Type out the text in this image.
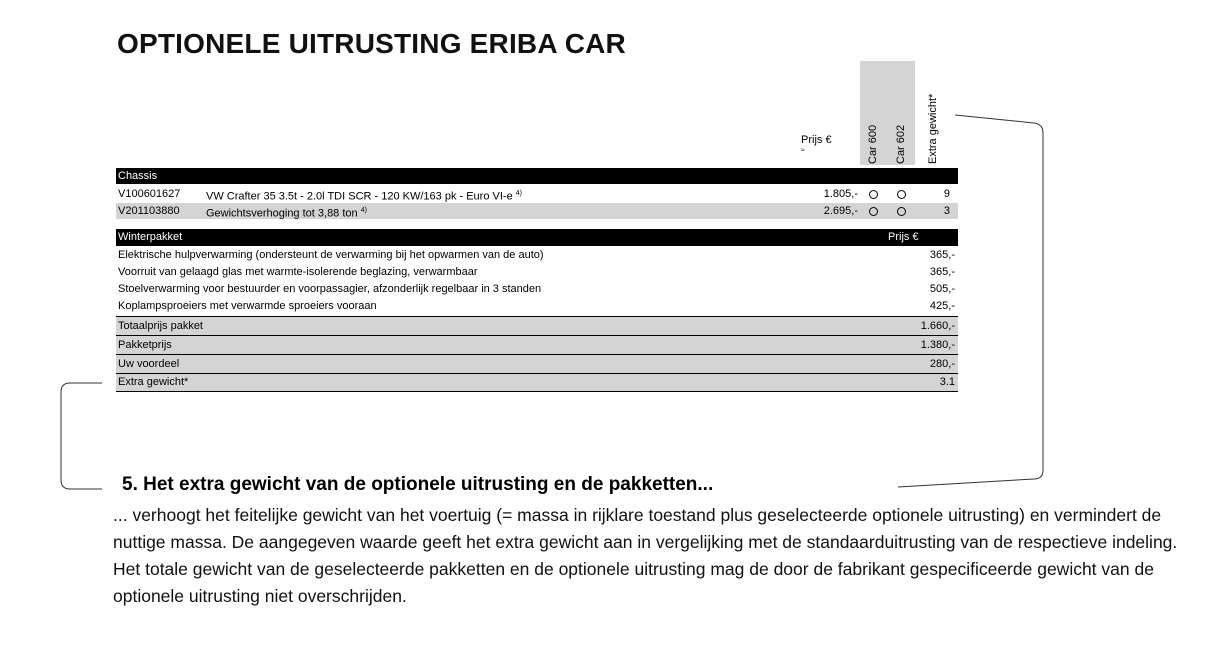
OPTIONELE UITRUSTING ERIBA CAR
Prijs €
≈	Car 600 Car 602 Extra gewicht*
Chassis
V100601627 VW Crafter 35 3.5t - 2.0l TDI SCR - 120 KW/163 pk - Euro VI-e $^{4)}$	1.805,-	9
V201103880 Gewichtsverhoging tot 3,88 ton $^{4)}$	2.695,-	3
Winterpakket	Prijs €
Elektrische hulpverwarming (ondersteunt de verwarming bij het opwarmen van de auto)	365,-
Voorruit van gelaagd glas met warmte-isolerende beglazing, verwarmbaar	365,-
Stoelverwarming voor bestuurder en voorpassagier, afzonderlijk regelbaar in 3 standen	505,-
Koplampsproeiers met verwarmde sproeiers vooraan	425,-
Totaalprijs pakket	1.660,-
Pakketprijs	1.380,-
Uw voordeel	280,-
Extra gewicht*	3.1
5. Het extra gewicht van de optionele uitrusting en de pakketten...
... verhoogt het feitelijke gewicht van het voertuig (= massa in rijklare toestand plus geselecteerde optionele uitrusting) en vermindert de nuttige massa. De aangegeven waarde geeft het extra gewicht aan in vergelijking met de standaarduitrusting van de respectieve indeling. Het totale gewicht van de geselecteerde pakketten en de optionele uitrusting mag de door de fabrikant gespecificeerde gewicht van de optionele uitrusting niet overschrijden.
